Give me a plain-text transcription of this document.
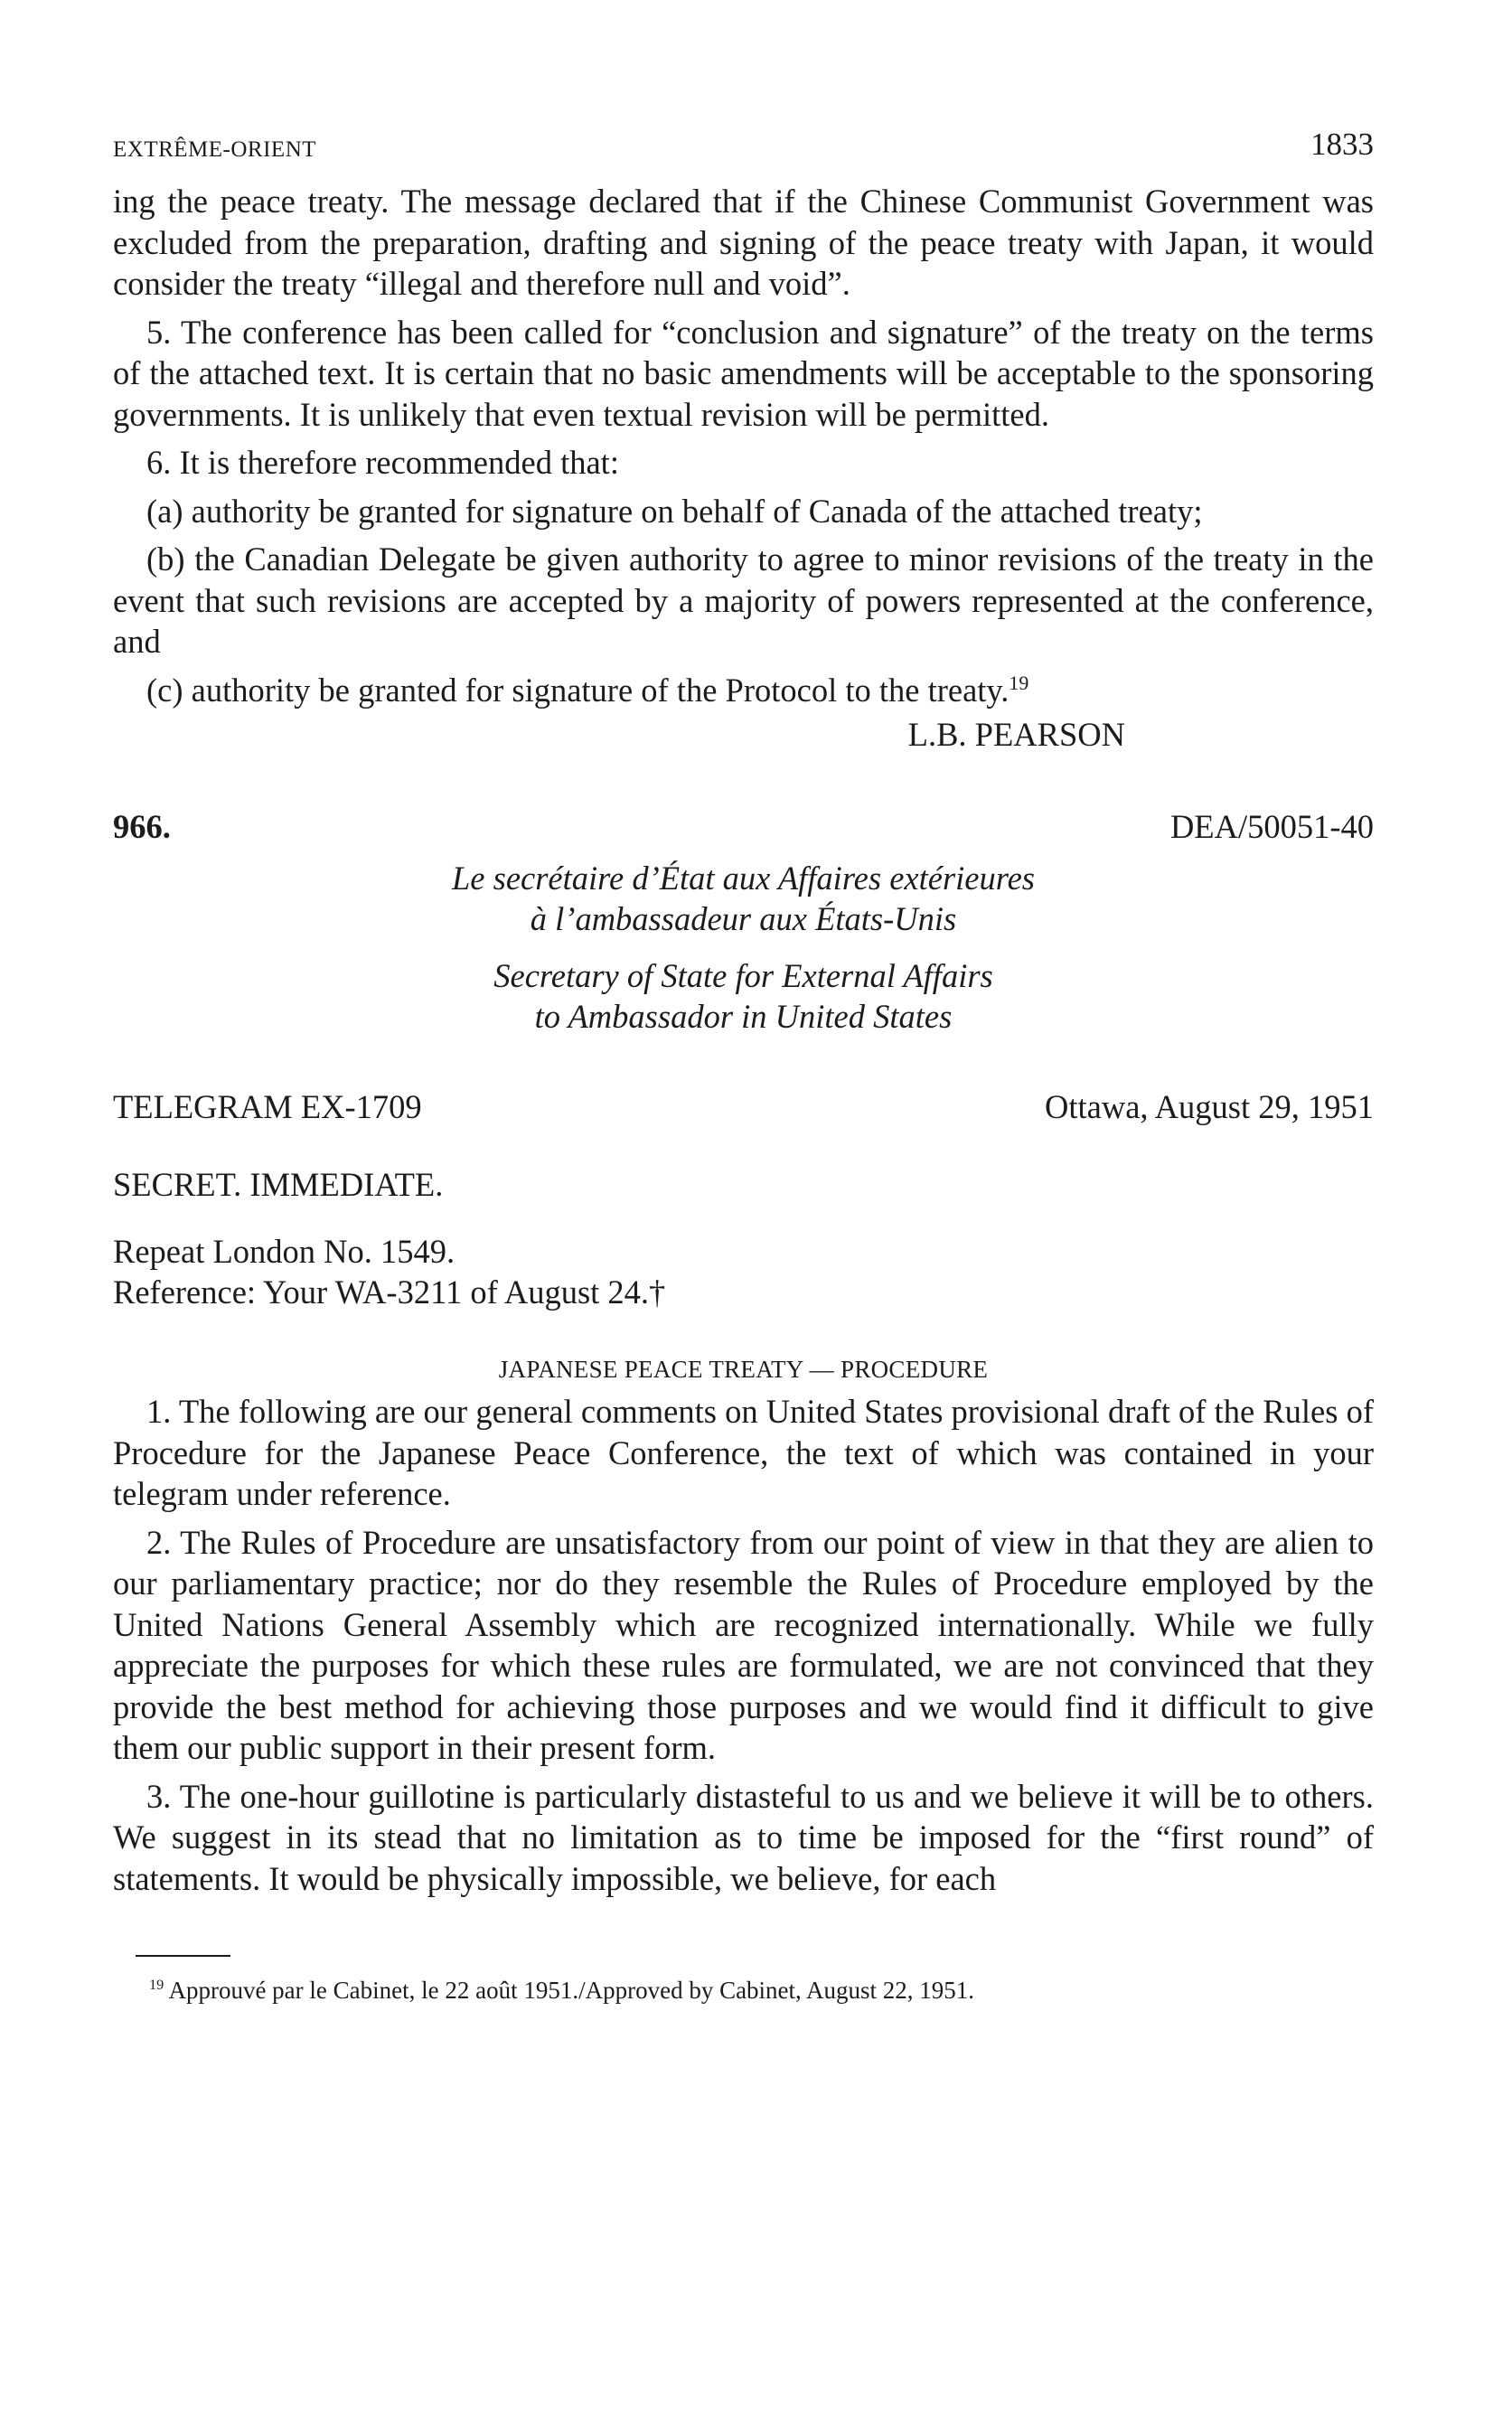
EXTRÊME-ORIENT	1833

ing the peace treaty. The message declared that if the Chinese Communist Government was excluded from the preparation, drafting and signing of the peace treaty with Japan, it would consider the treaty “illegal and therefore null and void”.

5. The conference has been called for “conclusion and signature” of the treaty on the terms of the attached text. It is certain that no basic amendments will be acceptable to the sponsoring governments. It is unlikely that even textual revision will be permitted.

6. It is therefore recommended that:

(a) authority be granted for signature on behalf of Canada of the attached treaty;

(b) the Canadian Delegate be given authority to agree to minor revisions of the treaty in the event that such revisions are accepted by a majority of powers represented at the conference, and

(c) authority be granted for signature of the Protocol to the treaty.$^{19}$

L.B. PEARSON
966.	DEA/50051-40
Le secrétaire d’État aux Affaires extérieures
à l’ambassadeur aux États-Unis
Secretary of State for External Affairs
to Ambassador in United States
TELEGRAM EX-1709	Ottawa, August 29, 1951
SECRET. IMMEDIATE.
Repeat London No. 1549.
Reference: Your WA-3211 of August 24.†
JAPANESE PEACE TREATY — PROCEDURE

1. The following are our general comments on United States provisional draft of the Rules of Procedure for the Japanese Peace Conference, the text of which was contained in your telegram under reference.

2. The Rules of Procedure are unsatisfactory from our point of view in that they are alien to our parliamentary practice; nor do they resemble the Rules of Procedure employed by the United Nations General Assembly which are recognized internationally. While we fully appreciate the purposes for which these rules are formulated, we are not convinced that they provide the best method for achieving those purposes and we would find it difficult to give them our public support in their present form.

3. The one-hour guillotine is particularly distasteful to us and we believe it will be to others. We suggest in its stead that no limitation as to time be imposed for the “first round” of statements. It would be physically impossible, we believe, for each

$^{19}$ Approuvé par le Cabinet, le 22 août 1951./Approved by Cabinet, August 22, 1951.
